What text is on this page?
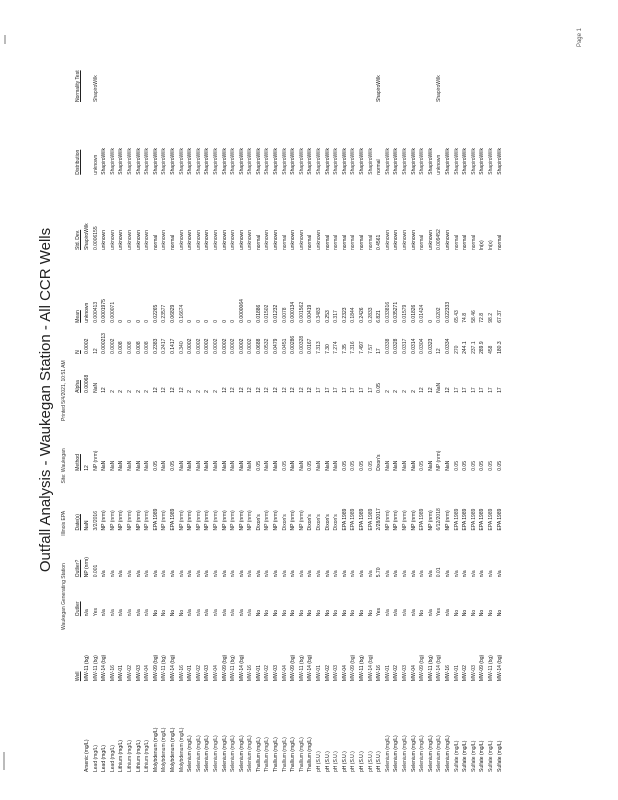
Outfall Analysis - Waukegan Station - All CCR Wells
Waukegan Generating Station Illinois EPA Site: Waukegan Printed 5/4/2021, 10:51 AM
	Well	Outlier	Outlier?	Date(s)	Method	Alpha	N	Mean	Std. Dev.	Distribution	Normality Test
Arsenic (mg/L)	MW-11 (bg)	n/a	NP (nrm)	NaN	12	0.00068	0.0002	unknown	ShapiroWilk		
Lead (mg/L)	MW-11 (bg)	Yes	0.001	3/2/2016	NP (nrm)	NaN	12	0.000413	0.0006155	unknown	ShapiroWilk
Lead (mg/L)	MW-14 (bg)	n/a	n/a	NP (nrm)	NaN	12	0.000213	0.0001975	unknown	ShapiroWilk	
Lead (mg/L)	MW-16	n/a	n/a	NP (nrm)	NaN	2	0.0002	0.000071	unknown	ShapiroWilk	
Lithium (mg/L)	MW-01	n/a	n/a	NP (nrm)	NaN	2	0.008	0	unknown	ShapiroWilk	
Lithium (mg/L)	MW-02	n/a	n/a	NP (nrm)	NaN	2	0.008	0	unknown	ShapiroWilk	
Lithium (mg/L)	MW-03	n/a	n/a	NP (nrm)	NaN	2	0.008	0	unknown	ShapiroWilk	
Lithium (mg/L)	MW-04	n/a	n/a	NP (nrm)	NaN	2	0.008	0	unknown	ShapiroWilk	
Molybdenum (mg/L)	MW-09 (bg)	No	n/a	EPA 1989	0.05	12	0.2383	0.02265	normal	ShapiroWilk	
Molybdenum (mg/L)	MW-11 (bg)	No	n/a	NP (nrm)	NaN	12	0.2417	0.23577	unknown	ShapiroWilk	
Molybdenum (mg/L)	MW-14 (bg)	No	n/a	EPA 1989	0.05	12	0.1417	0.06829	normal	ShapiroWilk	
Molybdenum (mg/L)	MW-16	No	n/a	NP (nrm)	NaN	12	0.340	0.16674	unknown	ShapiroWilk	
Selenium (mg/L)	MW-01	n/a	n/a	NP (nrm)	NaN	2	0.0002	0	unknown	ShapiroWilk	
Selenium (mg/L)	MW-02	n/a	n/a	NP (nrm)	NaN	2	0.0002	0	unknown	ShapiroWilk	
Selenium (mg/L)	MW-03	n/a	n/a	NP (nrm)	NaN	2	0.0002	0	unknown	ShapiroWilk	
Selenium (mg/L)	MW-04	n/a	n/a	NP (nrm)	NaN	2	0.0002	0	unknown	ShapiroWilk	
Selenium (mg/L)	MW-09 (bg)	n/a	n/a	NP (nrm)	NaN	12	0.0002	0	unknown	ShapiroWilk	
Selenium (mg/L)	MW-11 (bg)	n/a	n/a	NP (nrm)	NaN	12	0.0002	0	unknown	ShapiroWilk	
Selenium (mg/L)	MW-14 (bg)	n/a	n/a	NP (nrm)	NaN	12	0.0002	0.0000064	unknown	ShapiroWilk	
Selenium (mg/L)	MW-16	n/a	n/a	NP (nrm)	NaN	12	0.0002	0	unknown	ShapiroWilk	
Thallium (mg/L)	MW-01	No	n/a	Dixon's	0.05	12	0.0688	0.01886	normal	ShapiroWilk	
Thallium (mg/L)	MW-02	No	n/a	NP (nrm)	NaN	12	0.0532	0.01502	unknown	ShapiroWilk	
Thallium (mg/L)	MW-03	No	n/a	NP (nrm)	NaN	12	0.0479	0.01232	unknown	ShapiroWilk	
Thallium (mg/L)	MW-04	No	n/a	Dixon's	0.05	12	0.0451	0.0078	normal	ShapiroWilk	
Thallium (mg/L)	MW-09 (bg)	No	n/a	NP (nrm)	NaN	12	0.00286	0.000134	unknown	ShapiroWilk	
Thallium (mg/L)	MW-11 (bg)	No	n/a	NP (nrm)	NaN	12	0.00328	0.001562	unknown	ShapiroWilk	
Thallium (mg/L)	MW-14 (bg)	No	n/a	Dixon's	0.05	12	0.0167	0.00419	normal	ShapiroWilk	
pH (S.U.)	MW-01	No	n/a	Dixon's	NaN	17	7.313	0.3483	unknown	ShapiroWilk	
pH (S.U.)	MW-02	No	n/a	Dixon's	NaN	17	7.30	0.253	normal	ShapiroWilk	
pH (S.U.)	MW-03	No	n/a	Dixon's	NaN	17	7.274	0.317	normal	ShapiroWilk	
pH (S.U.)	MW-04	No	n/a	EPA 1989	0.05	17	7.35	0.2323	normal	ShapiroWilk	
pH (S.U.)	MW-09 (bg)	No	n/a	EPA 1989	0.05	17	7.316	0.1844	normal	ShapiroWilk	
pH (S.U.)	MW-11 (bg)	No	n/a	EPA 1989	0.05	17	7.497	0.2426	normal	ShapiroWilk	
pH (S.U.)	MW-14 (bg)	No	n/a	EPA 1989	0.05	17	7.57	0.2833	normal	ShapiroWilk	
pH (S.U.)	MW-16	Yes	5.70	2/28/2017	Dixon's	0.05	17	6.821	0.4561	normal	ShapiroWilk
Selenium (mg/L)	MW-01	n/a	n/a	NP (nrm)	NaN	2	0.0338	0.033816	unknown	ShapiroWilk	
Selenium (mg/L)	MW-02	n/a	n/a	NP (nrm)	NaN	2	0.0328	0.035271	unknown	ShapiroWilk	
Selenium (mg/L)	MW-03	n/a	n/a	NP (nrm)	NaN	2	0.0317	0.01579	unknown	ShapiroWilk	
Selenium (mg/L)	MW-04	n/a	n/a	NP (nrm)	NaN	2	0.0314	0.01826	unknown	ShapiroWilk	
Selenium (mg/L)	MW-09 (bg)	No	n/a	EPA 1989	0.05	12	0.0304	0.01424	normal	ShapiroWilk	
Selenium (mg/L)	MW-11 (bg)	n/a	n/a	NP (nrm)	NaN	12	0.0323	0	unknown	ShapiroWilk	
Selenium (mg/L)	MW-14 (bg)	Yes	0.01	6/12/2018	NP (nrm)	NaN	12	0.0202	0.009452	unknown	ShapiroWilk
Selenium (mg/L)	MW-16	n/a	n/a	NP (nrm)	NaN	12	0.0334	0.022333	unknown	ShapiroWilk	
Sulfate (mg/L)	MW-01	No	n/a	EPA 1989	0.05	17	270	65.43	normal	ShapiroWilk	
Sulfate (mg/L)	MW-02	No	n/a	EPA 1989	0.05	17	244.1	74.8	normal	ShapiroWilk	
Sulfate (mg/L)	MW-03	No	n/a	EPA 1989	0.05	17	237.1	58.46	normal	ShapiroWilk	
Sulfate (mg/L)	MW-09 (bg)	No	n/a	EPA 1989	0.05	17	289.9	72.8	ln(x)	ShapiroWilk	
Sulfate (mg/L)	MW-11 (bg)	No	n/a	EPA 1989	0.05	17	458	98.2	ln(x)	ShapiroWilk	
Sulfate (mg/L)	MW-14 (bg)	No	n/a	EPA 1989	0.05	17	180.3	67.37	normal	ShapiroWilk	
Page 1
